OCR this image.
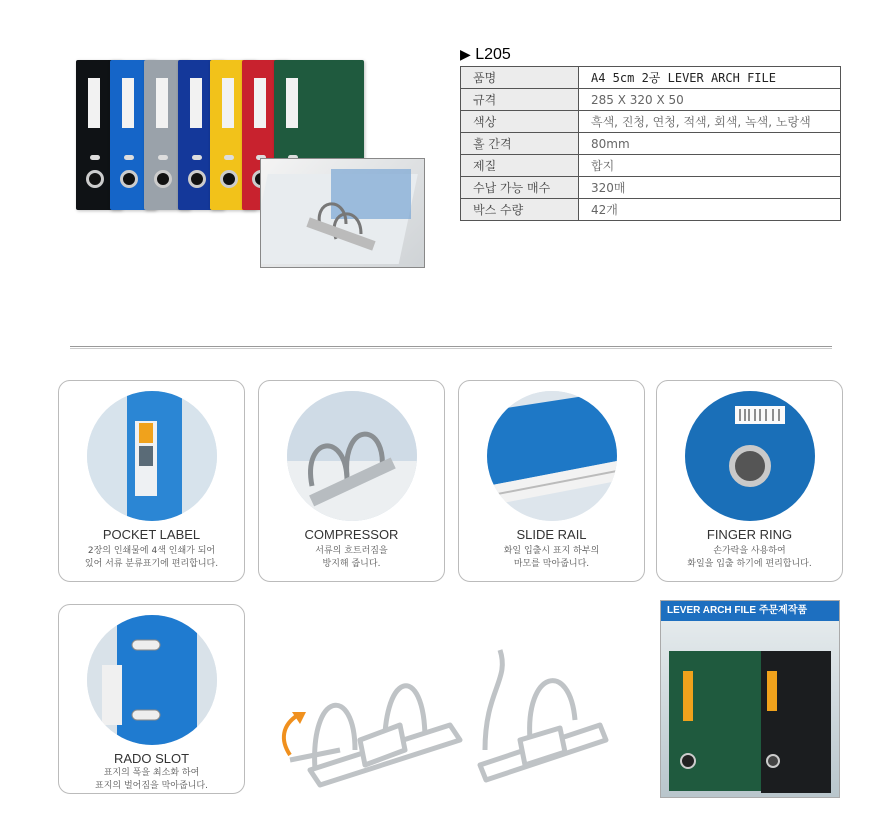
▶ L205
품명	A4 5cm 2공 LEVER ARCH FILE
규격	285 X 320 X 50
색상	흑색, 진청, 연청, 적색, 회색, 녹색, 노랑색
홀 간격	80mm
제질	합지
수납 가능 매수	320매
박스 수량	42개
POCKET LABEL
2장의 인쇄물에 4색 인쇄가 되어
있어 서류 분류표기에 편리합니다.
COMPRESSOR
서류의 흐트러짐을
방지해 줍니다.
SLIDE RAIL
화일 입출시 표지 하부의
마모를 막아줍니다.
FINGER RING
손가락을 사용하여
화일을 입출 하기에 편리합니다.
RADO SLOT
표지의 폭을 최소화 하여
표지의 벌어짐을 막아줍니다.
LEVER ARCH FILE 주문제작품
